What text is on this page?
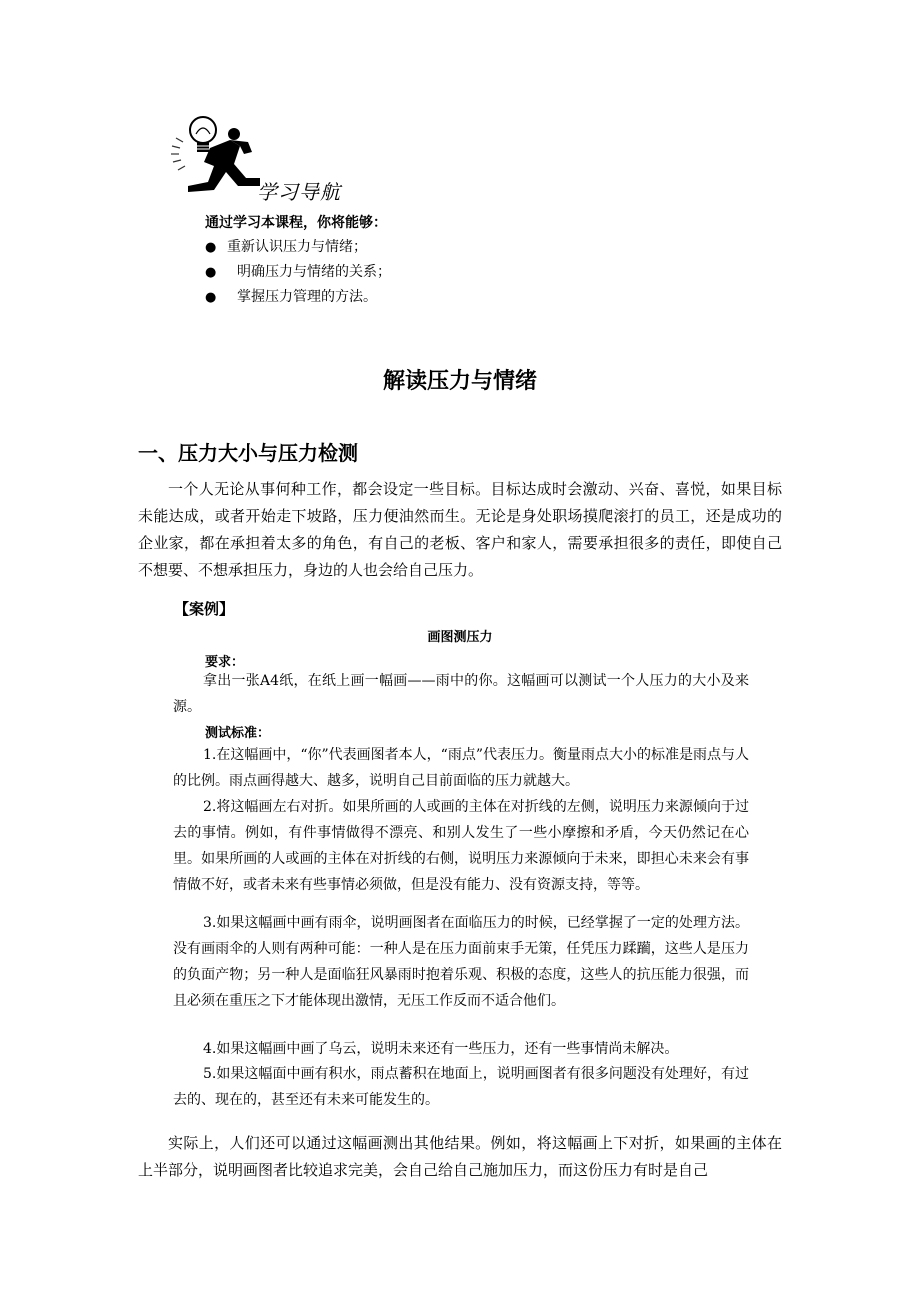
学习导航
通过学习本课程，你将能够：
● 重新认识压力与情绪；
● 明确压力与情绪的关系；
● 掌握压力管理的方法。
解读压力与情绪
一、压力大小与压力检测
一个人无论从事何种工作，都会设定一些目标。目标达成时会激动、兴奋、喜悦，如果目标未能达成，或者开始走下坡路，压力便油然而生。无论是身处职场摸爬滚打的员工，还是成功的企业家，都在承担着太多的角色，有自己的老板、客户和家人，需要承担很多的责任，即使自己不想要、不想承担压力，身边的人也会给自己压力。
【案例】
画图测压力
要求：
拿出一张A4纸，在纸上画一幅画——雨中的你。这幅画可以测试一个人压力的大小及来源。
测试标准：
1.在这幅画中，“你”代表画图者本人，“雨点”代表压力。衡量雨点大小的标准是雨点与人的比例。雨点画得越大、越多，说明自己目前面临的压力就越大。
2.将这幅画左右对折。如果所画的人或画的主体在对折线的左侧，说明压力来源倾向于过去的事情。例如，有件事情做得不漂亮、和别人发生了一些小摩擦和矛盾，今天仍然记在心里。如果所画的人或画的主体在对折线的右侧，说明压力来源倾向于未来，即担心未来会有事情做不好，或者未来有些事情必须做，但是没有能力、没有资源支持，等等。
3.如果这幅画中画有雨伞，说明画图者在面临压力的时候，已经掌握了一定的处理方法。没有画雨伞的人则有两种可能：一种人是在压力面前束手无策，任凭压力蹂躏，这些人是压力的负面产物；另一种人是面临狂风暴雨时抱着乐观、积极的态度，这些人的抗压能力很强，而且必须在重压之下才能体现出激情，无压工作反而不适合他们。
4.如果这幅画中画了乌云，说明未来还有一些压力，还有一些事情尚未解决。
5.如果这幅面中画有积水，雨点蓄积在地面上，说明画图者有很多问题没有处理好，有过去的、现在的，甚至还有未来可能发生的。
实际上，人们还可以通过这幅画测出其他结果。例如，将这幅画上下对折，如果画的主体在上半部分，说明画图者比较追求完美，会自己给自己施加压力，而这份压力有时是自己
